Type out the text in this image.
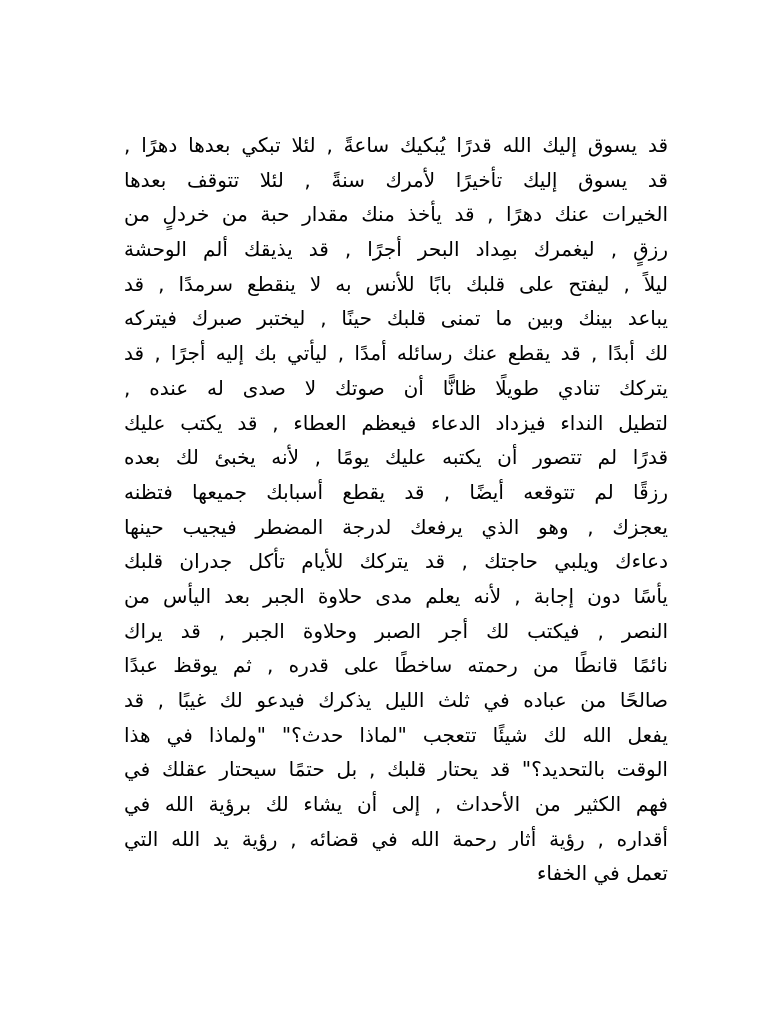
قد يسوق إليك الله قدرًا يُبكيك ساعةً , لئلا تبكي بعدها دهرًا ,
قد يسوق إليك تأخيرًا لأمرك سنةً , لئلا تتوقف بعدها
الخيرات عنك دهرًا , قد يأخذ منك مقدار حبة من خردلٍ من
رزقٍ , ليغمرك بمِداد البحر أجرًا , قد يذيقك ألم الوحشة
ليلاً , ليفتح على قلبك بابًا للأنس به لا ينقطع سرمدًا , قد
يباعد بينك وبين ما تمنى قلبك حينًا , ليختبر صبرك فيتركه
لك أبدًا , قد يقطع عنك رسائله أمدًا , ليأتي بك إليه أجرًا , قد
يتركك تنادي طويلًا ظانًّا أن صوتك لا صدى له عنده ,
لتطيل النداء فيزداد الدعاء فيعظم العطاء , قد يكتب عليك
قدرًا لم تتصور أن يكتبه عليك يومًا , لأنه يخبئ لك بعده
رزقًا لم تتوقعه أيضًا , قد يقطع أسبابك جميعها فتظنه
يعجزك , وهو الذي يرفعك لدرجة المضطر فيجيب حينها
دعاءك ويلبي حاجتك , قد يتركك للأيام تأكل جدران قلبك
يأسًا دون إجابة , لأنه يعلم مدى حلاوة الجبر بعد اليأس من
النصر , فيكتب لك أجر الصبر وحلاوة الجبر , قد يراك
نائمًا قانطًا من رحمته ساخطًا على قدره , ثم يوقظ عبدًا
صالحًا من عباده في ثلث الليل يذكرك فيدعو لك غيبًا , قد
يفعل الله لك شيئًا تتعجب "لماذا حدث؟" "ولماذا في هذا
الوقت بالتحديد؟" قد يحتار قلبك , بل حتمًا سيحتار عقلك في
فهم الكثير من الأحداث , إلى أن يشاء لك برؤية الله في
أقداره , رؤية أثار رحمة الله في قضائه , رؤية يد الله التي
تعمل في الخفاء
